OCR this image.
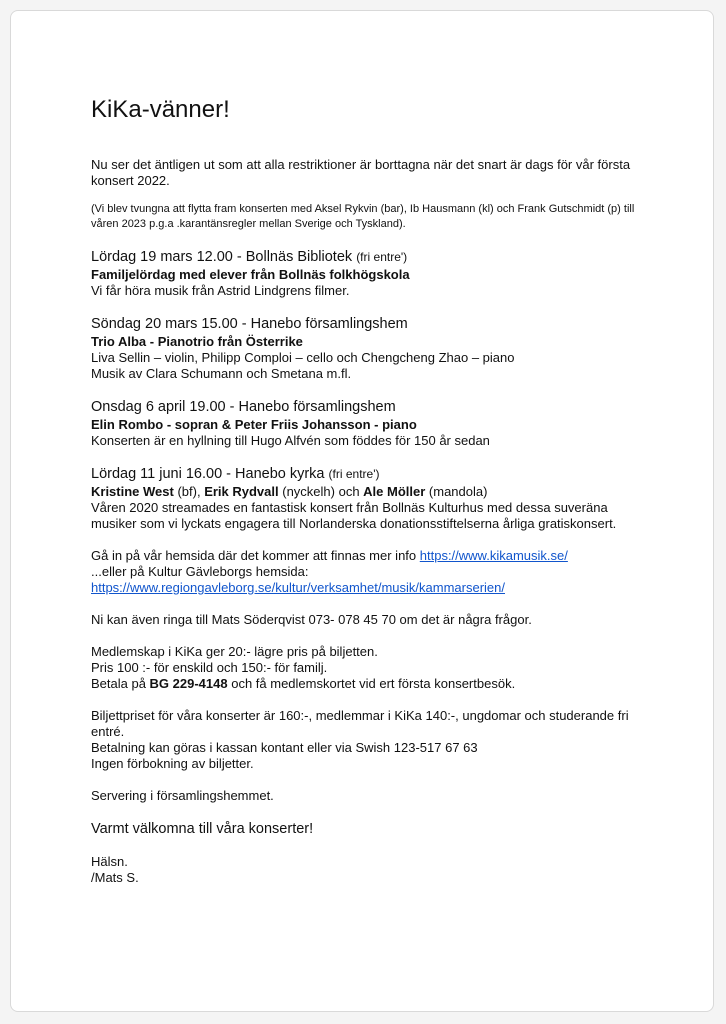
KiKa-vänner!

Nu ser det äntligen ut som att alla restriktioner är borttagna när det snart är dags för vår första konsert 2022.

(Vi blev tvungna att flytta fram konserten med Aksel Rykvin (bar), Ib Hausmann (kl) och Frank Gutschmidt (p) till våren 2023 p.g.a .karantänsregler mellan Sverige och Tyskland).

Lördag 19 mars 12.00 - Bollnäs Bibliotek (fri entre')

Familjelördag med elever från Bollnäs folkhögskola

Vi får höra musik från Astrid Lindgrens filmer.

Söndag 20 mars 15.00 - Hanebo församlingshem

Trio Alba - Pianotrio från Österrike

Liva Sellin – violin, Philipp Comploi – cello och Chengcheng Zhao – piano

Musik av Clara Schumann och Smetana m.fl.

Onsdag 6 april 19.00 - Hanebo församlingshem

Elin Rombo - sopran & Peter Friis Johansson - piano

Konserten är en hyllning till Hugo Alfvén som föddes för 150 år sedan

Lördag 11 juni 16.00 - Hanebo kyrka (fri entre')

Kristine West (bf), Erik Rydvall (nyckelh) och Ale Möller (mandola)

Våren 2020 streamades en fantastisk konsert från Bollnäs Kulturhus med dessa suveräna musiker som vi lyckats engagera till Norlanderska donationsstiftelserna årliga gratiskonsert.

Gå in på vår hemsida där det kommer att finnas mer info https://www.kikamusik.se/

...eller på Kultur Gävleborgs hemsida:

https://www.regiongavleborg.se/kultur/verksamhet/musik/kammarserien/

Ni kan även ringa till Mats Söderqvist 073- 078 45 70 om det är några frågor.

Medlemskap i KiKa ger 20:- lägre pris på biljetten.

Pris 100 :- för enskild och 150:- för familj.

Betala på BG 229-4148 och få medlemskortet vid ert första konsertbesök.

Biljettpriset för våra konserter är 160:-, medlemmar i KiKa 140:-, ungdomar och studerande fri entré.

Betalning kan göras i kassan kontant eller via Swish 123-517 67 63

Ingen förbokning av biljetter.

Servering i församlingshemmet.

Varmt välkomna till våra konserter!

Hälsn.

/Mats S.
